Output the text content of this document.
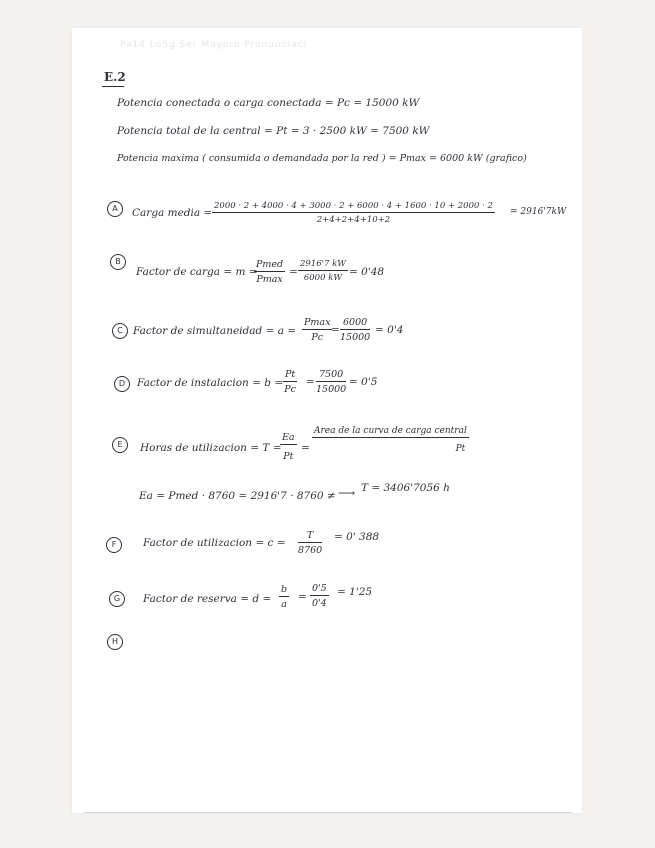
Pa14 Lo5g Ser Mayoro Pronunciaci
E.2
Potencia conectada o carga conectada = Pc = 15000 kW
Potencia total de la central = Pt = 3 · 2500 kW = 7500 kW
Potencia maxima ( consumida o demandada por la red ) = Pmax = 6000 kW (grafico)
A	Carga media =
2000 · 2 + 4000 · 4 + 3000 · 2 + 6000 · 4 + 1600 · 10 + 2000 · 2
2+4+2+4+10+2
= 2916'7kW
B
Factor de carga = m =
Pmed
Pmax
= $\frac{2916'7 kW}{6000 kW} = 0'48$
C Factor de simultaneidad = a =
Pmax
Pc
= $\frac{6000}{15000} = 0'4$
D	Factor de instalacion = $b = \frac{Pt}{Pc} = \frac{7500}{15000} = 0'5$
E	Horas de utilizacion = T =
$\frac{Ea}{Pt}$ =
Area de la curva de carga central
Pt
Ea = Pmed · 8760 = 2916'7 · 8760 ≠ ⟶ T = 3406'7056 h
F	Factor de utilizacion = $c = \frac{T}{8760} = 0'$ 388
G	Factor de reserva = $d = \frac{b}{a} = \frac{0'5}{0'4} = 1'25$
H
